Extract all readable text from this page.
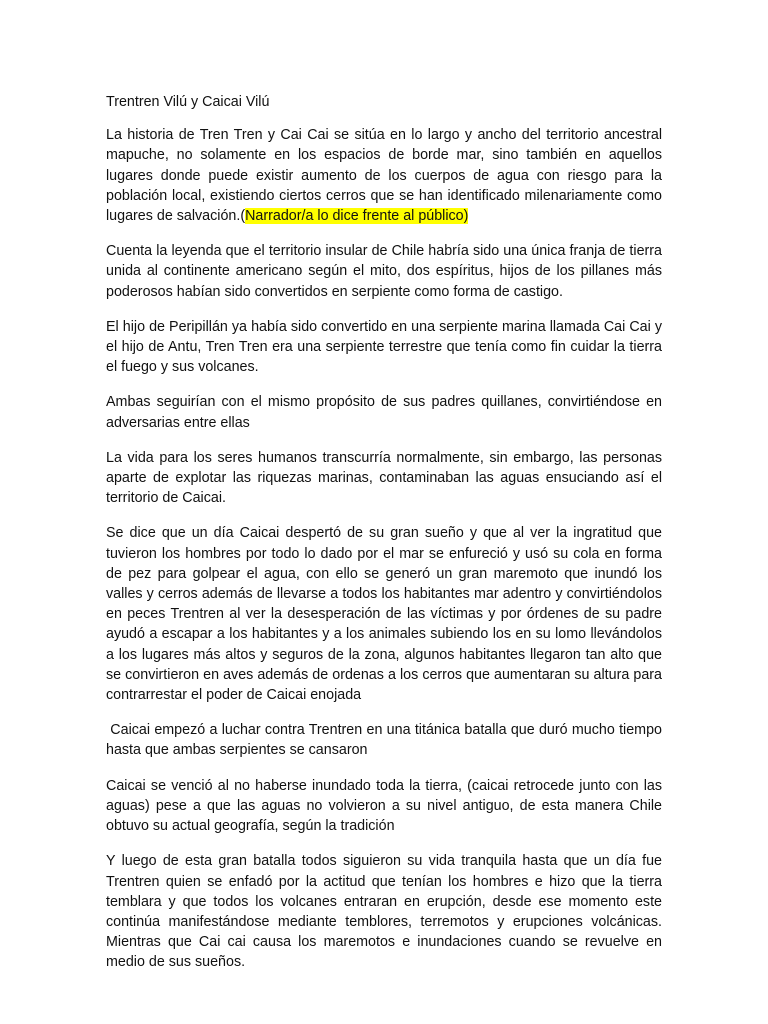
Trentren Vilú y Caicai Vilú

La historia de Tren Tren y Cai Cai se sitúa en lo largo y ancho del territorio ancestral mapuche, no solamente en los espacios de borde mar, sino también en aquellos lugares donde puede existir aumento de los cuerpos de agua con riesgo para la población local, existiendo ciertos cerros que se han identificado milenariamente como lugares de salvación.(Narrador/a lo dice frente al público)

Cuenta la leyenda que el territorio insular de Chile habría sido una única franja de tierra unida al continente americano según el mito, dos espíritus, hijos de los pillanes más poderosos habían sido convertidos en serpiente como forma de castigo.

El hijo de Peripillán ya había sido convertido en una serpiente marina llamada Cai Cai y el hijo de Antu, Tren Tren era una serpiente terrestre que tenía como fin cuidar la tierra el fuego y sus volcanes.

Ambas seguirían con el mismo propósito de sus padres quillanes, convirtiéndose en adversarias entre ellas

La vida para los seres humanos transcurría normalmente, sin embargo, las personas aparte de explotar las riquezas marinas, contaminaban las aguas ensuciando así el territorio de Caicai.

Se dice que un día Caicai despertó de su gran sueño y que al ver la ingratitud que tuvieron los hombres por todo lo dado por el mar se enfureció y usó su cola en forma de pez para golpear el agua, con ello se generó un gran maremoto que inundó los valles y cerros además de llevarse a todos los habitantes mar adentro y convirtiéndolos en peces Trentren al ver la desesperación de las víctimas y por órdenes de su padre ayudó a escapar a los habitantes y a los animales subiendo los en su lomo llevándolos a los lugares más altos y seguros de la zona, algunos habitantes llegaron tan alto que se convirtieron en aves además de ordenas a los cerros que aumentaran su altura para contrarrestar el poder de Caicai enojada

Caicai empezó a luchar contra Trentren en una titánica batalla que duró mucho tiempo hasta que ambas serpientes se cansaron

Caicai se venció al no haberse inundado toda la tierra, (caicai retrocede junto con las aguas) pese a que las aguas no volvieron a su nivel antiguo, de esta manera Chile obtuvo su actual geografía, según la tradición

Y luego de esta gran batalla todos siguieron su vida tranquila hasta que un día fue Trentren quien se enfadó por la actitud que tenían los hombres e hizo que la tierra temblara y que todos los volcanes entraran en erupción, desde ese momento este continúa manifestándose mediante temblores, terremotos y erupciones volcánicas. Mientras que Cai cai causa los maremotos e inundaciones cuando se revuelve en medio de sus sueños.
